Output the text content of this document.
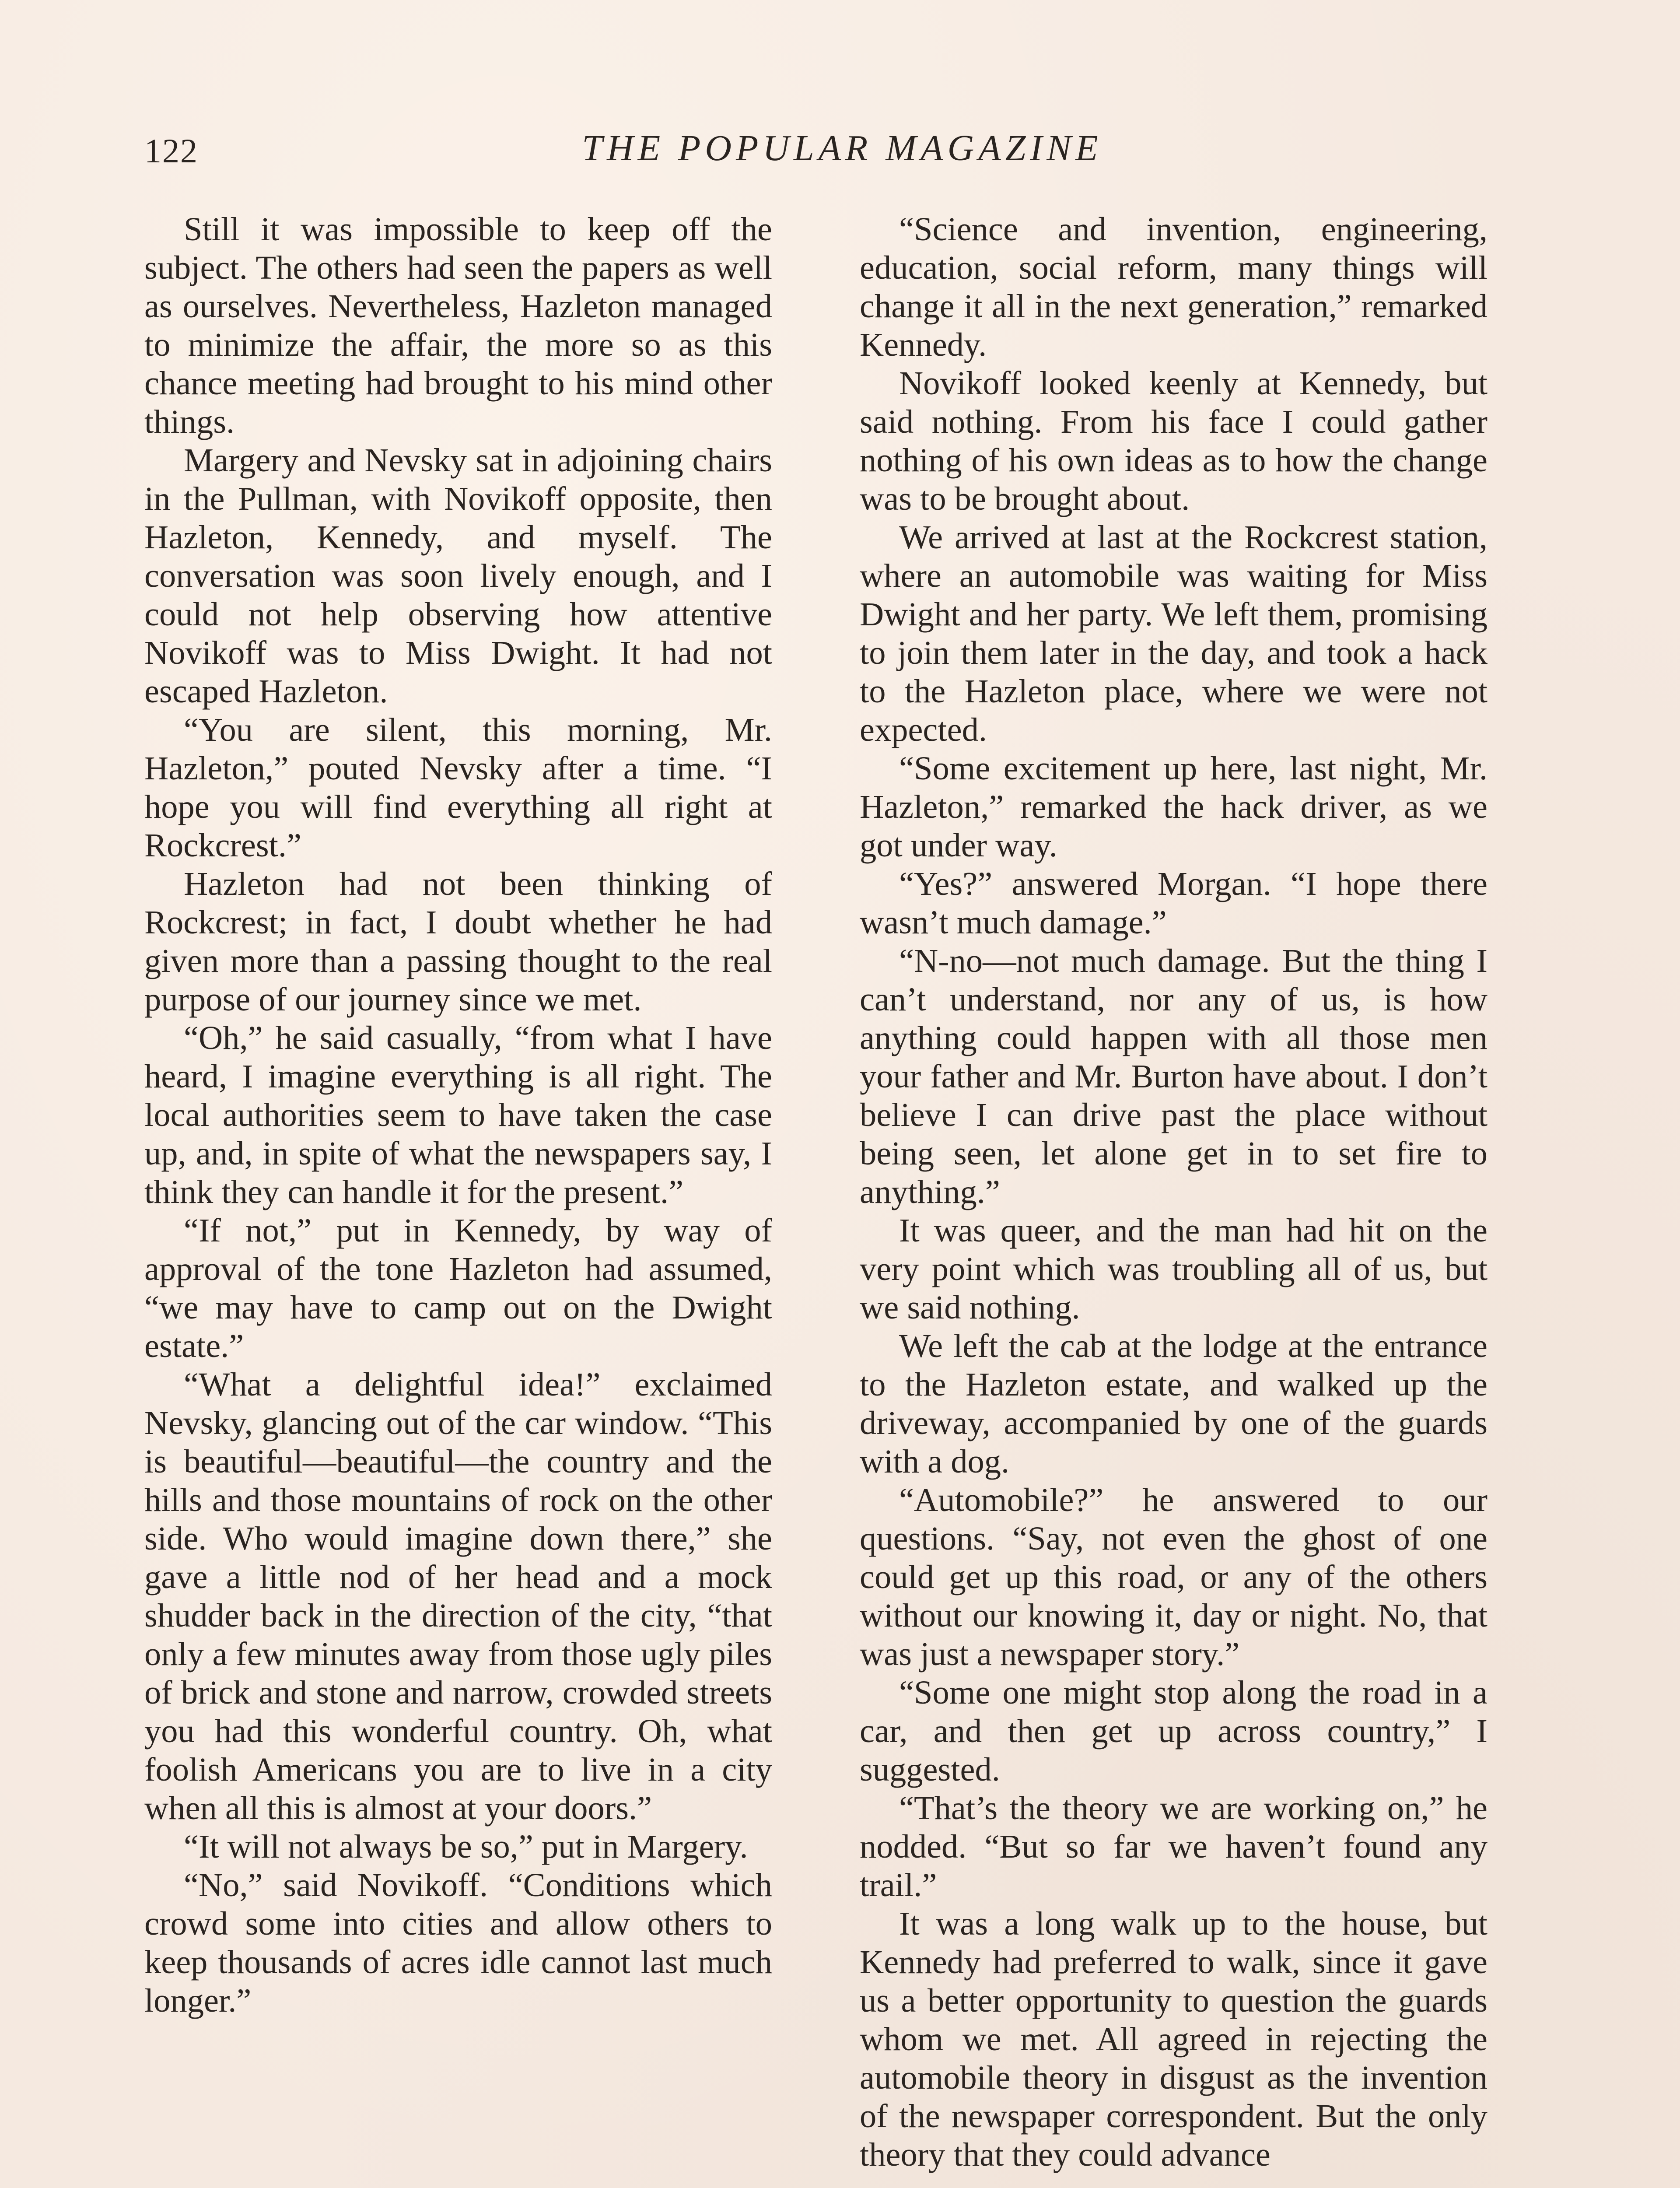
122	THE POPULAR MAGAZINE

Still it was impossible to keep off the subject. The others had seen the papers as well as ourselves. Nevertheless, Hazleton managed to minimize the affair, the more so as this chance meeting had brought to his mind other things.

Margery and Nevsky sat in adjoining chairs in the Pullman, with Novikoff opposite, then Hazleton, Kennedy, and myself. The conversation was soon lively enough, and I could not help observing how attentive Novikoff was to Miss Dwight. It had not escaped Hazleton.

“You are silent, this morning, Mr. Hazleton,” pouted Nevsky after a time. “I hope you will find everything all right at Rockcrest.”

Hazleton had not been thinking of Rockcrest; in fact, I doubt whether he had given more than a passing thought to the real purpose of our journey since we met.

“Oh,” he said casually, “from what I have heard, I imagine everything is all right. The local authorities seem to have taken the case up, and, in spite of what the newspapers say, I think they can handle it for the present.”

“If not,” put in Kennedy, by way of approval of the tone Hazleton had assumed, “we may have to camp out on the Dwight estate.”

“What a delightful idea!” exclaimed Nevsky, glancing out of the car window. “This is beautiful—beautiful—the country and the hills and those mountains of rock on the other side. Who would imagine down there,” she gave a little nod of her head and a mock shudder back in the direction of the city, “that only a few minutes away from those ugly piles of brick and stone and narrow, crowded streets you had this wonderful country. Oh, what foolish Americans you are to live in a city when all this is almost at your doors.”

“It will not always be so,” put in Margery.

“No,” said Novikoff. “Conditions which crowd some into cities and allow others to keep thousands of acres idle cannot last much longer.”

“Science and invention, engineering, education, social reform, many things will change it all in the next generation,” remarked Kennedy.

Novikoff looked keenly at Kennedy, but said nothing. From his face I could gather nothing of his own ideas as to how the change was to be brought about.

We arrived at last at the Rockcrest station, where an automobile was waiting for Miss Dwight and her party. We left them, promising to join them later in the day, and took a hack to the Hazleton place, where we were not expected.

“Some excitement up here, last night, Mr. Hazleton,” remarked the hack driver, as we got under way.

“Yes?” answered Morgan. “I hope there wasn’t much damage.”

“N-no—not much damage. But the thing I can’t understand, nor any of us, is how anything could happen with all those men your father and Mr. Burton have about. I don’t believe I can drive past the place without being seen, let alone get in to set fire to anything.”

It was queer, and the man had hit on the very point which was troubling all of us, but we said nothing.

We left the cab at the lodge at the entrance to the Hazleton estate, and walked up the driveway, accompanied by one of the guards with a dog.

“Automobile?” he answered to our questions. “Say, not even the ghost of one could get up this road, or any of the others without our knowing it, day or night. No, that was just a newspaper story.”

“Some one might stop along the road in a car, and then get up across country,” I suggested.

“That’s the theory we are working on,” he nodded. “But so far we haven’t found any trail.”

It was a long walk up to the house, but Kennedy had preferred to walk, since it gave us a better opportunity to question the guards whom we met. All agreed in rejecting the automobile theory in disgust as the invention of the newspaper correspondent. But the only theory that they could advance
